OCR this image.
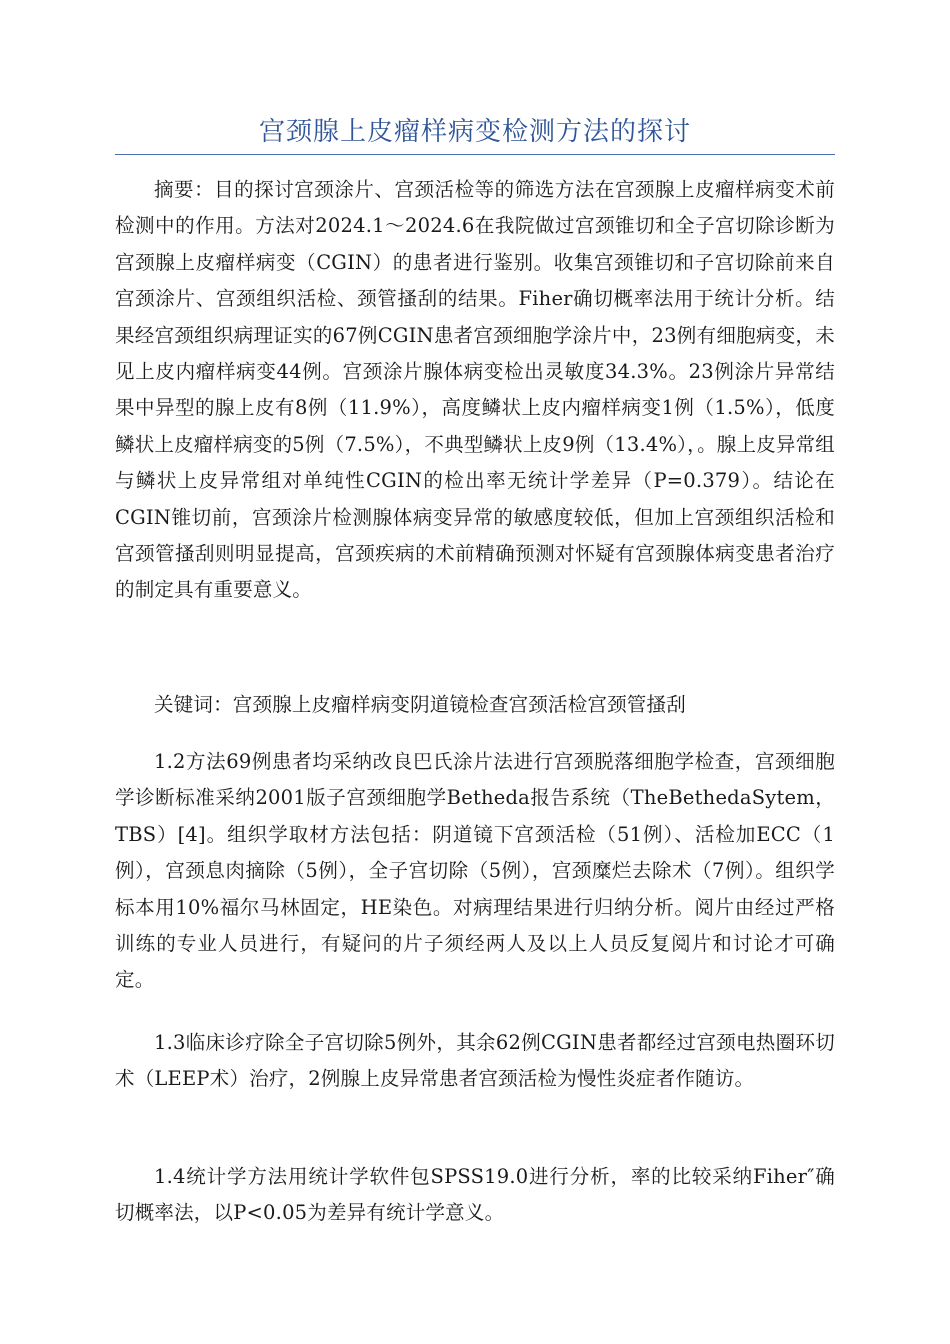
宫颈腺上皮瘤样病变检测方法的探讨

摘要：目的探讨宫颈涂片、宫颈活检等的筛选方法在宫颈腺上皮瘤样病变术前检测中的作用。方法对2024.1～2024.6在我院做过宫颈锥切和全子宫切除诊断为宫颈腺上皮瘤样病变（CGIN）的患者进行鉴别。收集宫颈锥切和子宫切除前来自宫颈涂片、宫颈组织活检、颈管搔刮的结果。Fiher确切概率法用于统计分析。结果经宫颈组织病理证实的67例CGIN患者宫颈细胞学涂片中，23例有细胞病变，未见上皮内瘤样病变44例。宫颈涂片腺体病变检出灵敏度34.3%。23例涂片异常结果中异型的腺上皮有8例（11.9%），高度鳞状上皮内瘤样病变1例（1.5%），低度鳞状上皮瘤样病变的5例（7.5%），不典型鳞状上皮9例（13.4%），。腺上皮异常组与鳞状上皮异常组对单纯性CGIN的检出率无统计学差异（P=0.379）。结论在CGIN锥切前，宫颈涂片检测腺体病变异常的敏感度较低，但加上宫颈组织活检和宫颈管搔刮则明显提高，宫颈疾病的术前精确预测对怀疑有宫颈腺体病变患者治疗的制定具有重要意义。

关键词：宫颈腺上皮瘤样病变阴道镜检查宫颈活检宫颈管搔刮

1.2方法69例患者均采纳改良巴氏涂片法进行宫颈脱落细胞学检查，宫颈细胞学诊断标准采纳2001版子宫颈细胞学Betheda报告系统（TheBethedaSytem，TBS）[4]。组织学取材方法包括：阴道镜下宫颈活检（51例）、活检加ECC（1例），宫颈息肉摘除（5例），全子宫切除（5例），宫颈糜烂去除术（7例）。组织学标本用10%福尔马林固定，HE染色。对病理结果进行归纳分析。阅片由经过严格训练的专业人员进行，有疑问的片子须经两人及以上人员反复阅片和讨论才可确定。

1.3临床诊疗除全子宫切除5例外，其余62例CGIN患者都经过宫颈电热圈环切术（LEEP术）治疗，2例腺上皮异常患者宫颈活检为慢性炎症者作随访。

1.4统计学方法用统计学软件包SPSS19.0进行分析，率的比较采纳Fiher″确切概率法，以P<0.05为差异有统计学意义。
